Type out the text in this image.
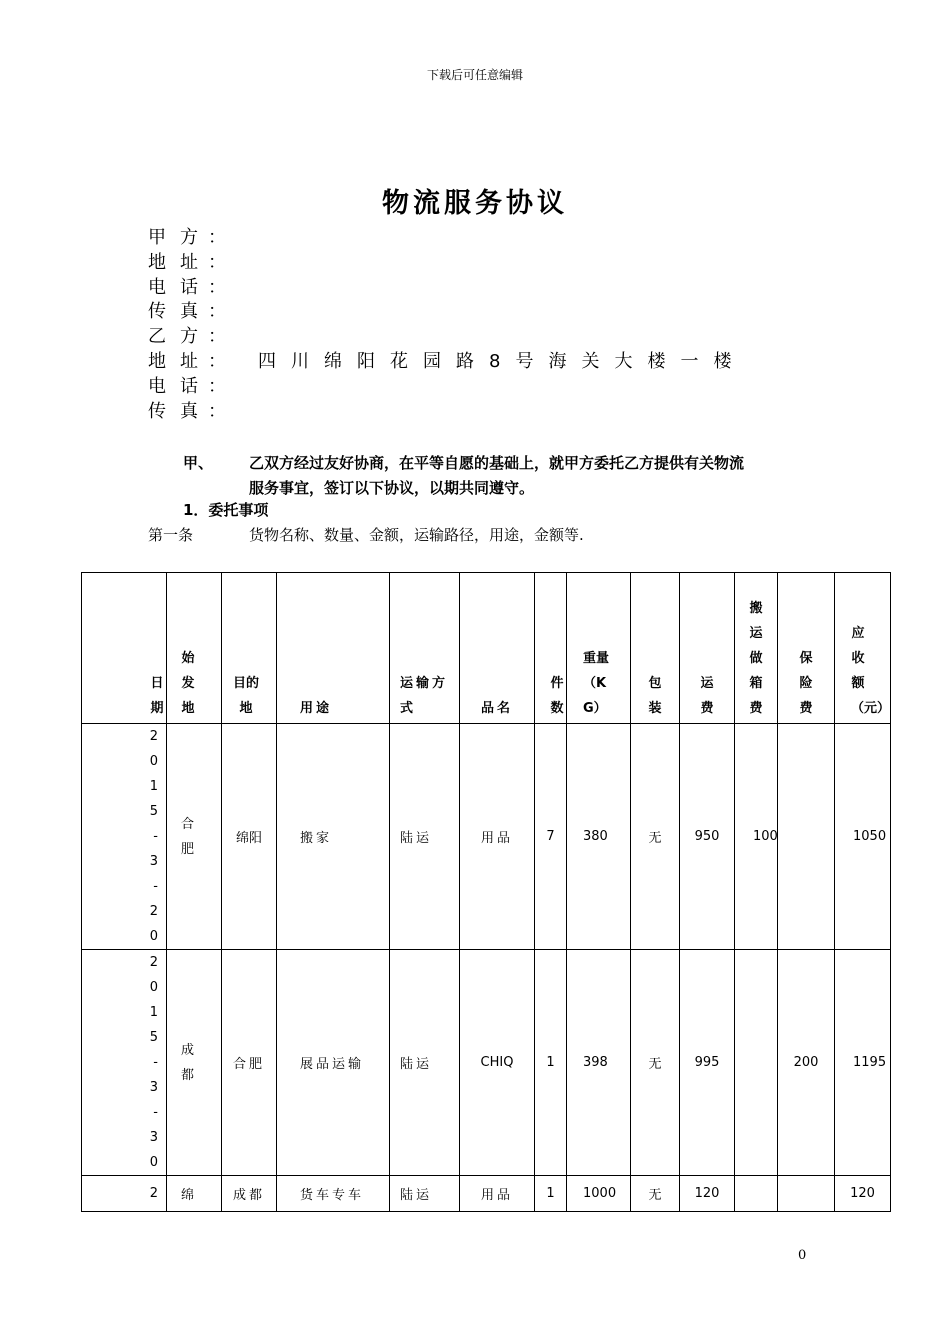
下载后可任意编辑
物流服务协议
甲方：
地址：
电话：
传真：
乙方：
地址： 四川绵阳花园路8号海关大楼一楼
电话：
传真：
甲、 乙双方经过友好协商，在平等自愿的基础上，就甲方委托乙方提供有关物流
服务事宜，签订以下协议，以期共同遵守。
1．委托事项
第一条	货物名称、数量、金额，运输路径，用途，金额等.
日期	始发地	目的地	用途	运输方式	品名	件数	重量（KG）	包装	运费	搬运做箱费	保险费	应收额（元）
2015-3-20	合肥	绵阳	搬家	陆运	用品	7	380	无	950	100		1050
2015-3-30	成都	合肥	展品运输	陆运	CHIQ	1	398	无	995		200	1195
2	绵	成都	货车专车	陆运	用品	1	1000	无	120			120
0
